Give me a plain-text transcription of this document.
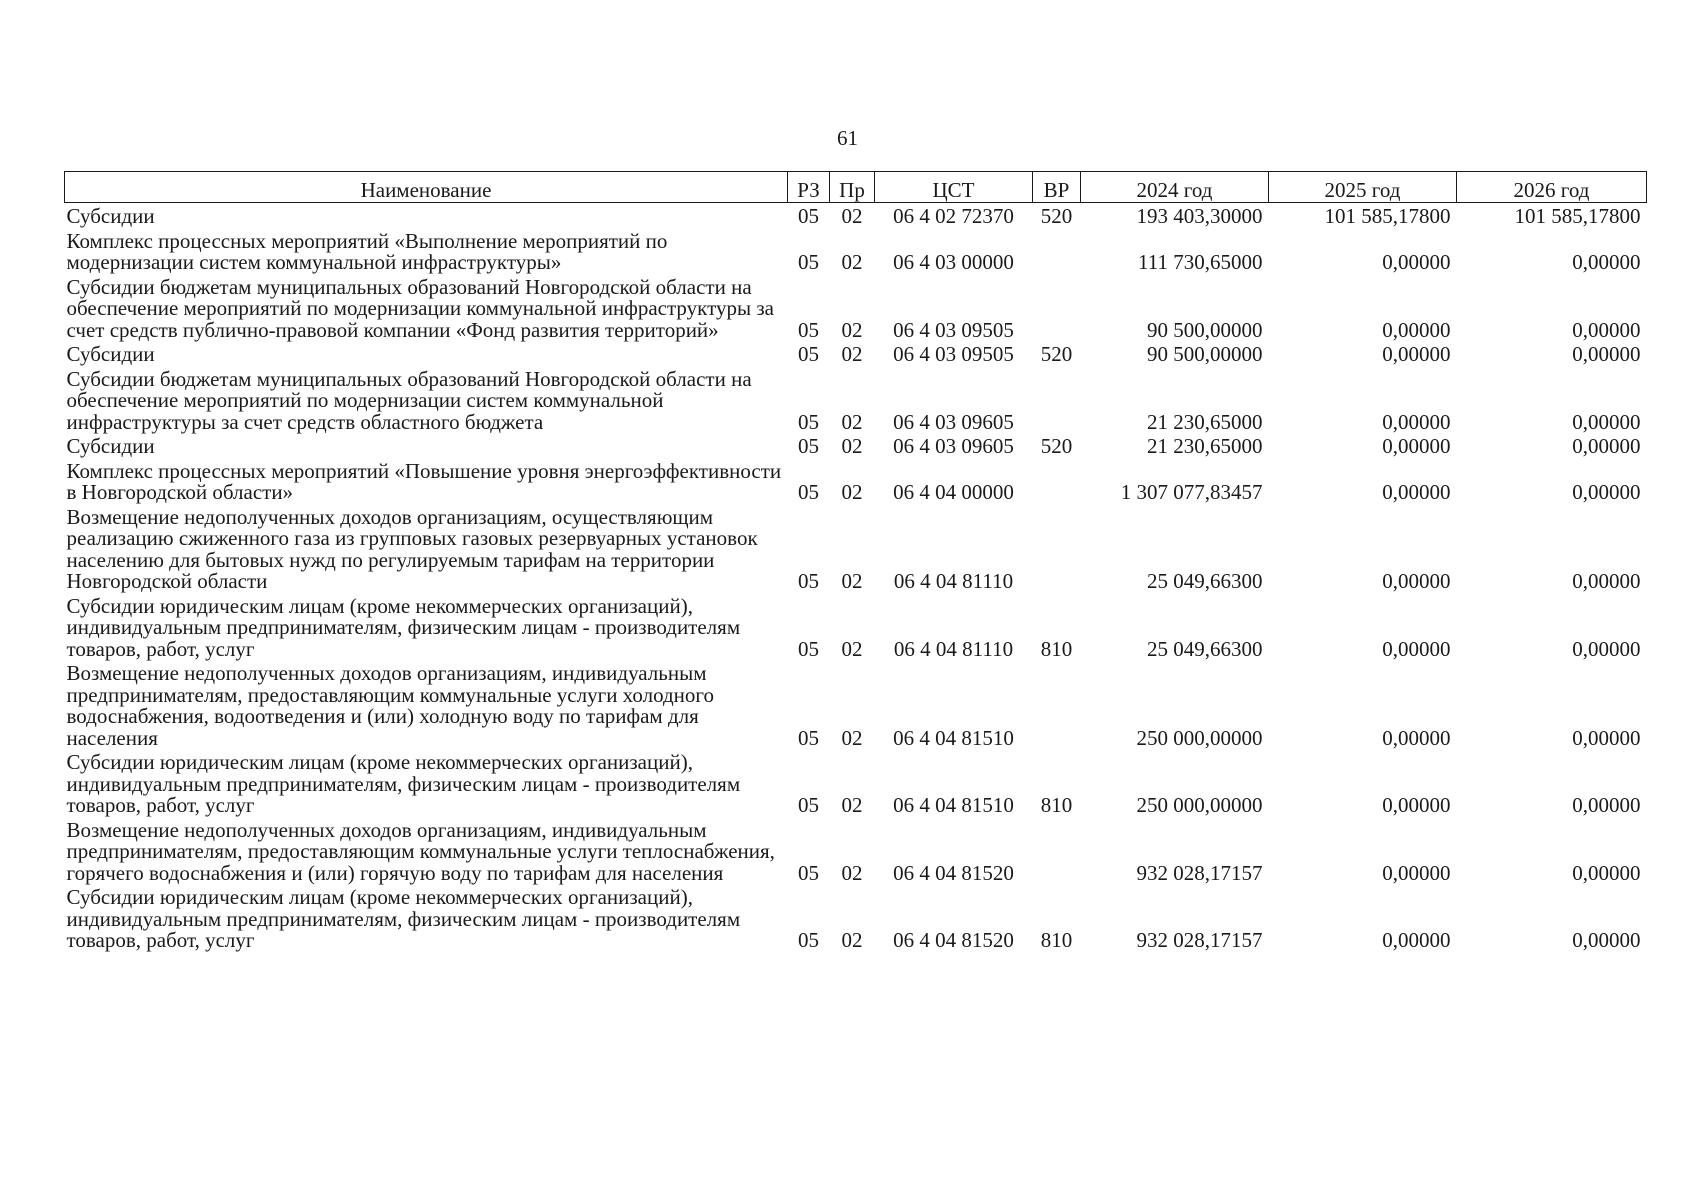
61
Наименование	РЗ	Пр	ЦСТ	ВР	2024 год	2025 год	2026 год
Субсидии	05	02	06 4 02 72370	520	193 403,30000	101 585,17800	101 585,17800
Комплекс процессных мероприятий «Выполнение мероприятий по модернизации систем коммунальной инфраструктуры»	05	02	06 4 03 00000		111 730,65000	0,00000	0,00000
Субсидии бюджетам муниципальных образований Новгородской области на обеспечение мероприятий по модернизации коммунальной инфраструктуры за счет средств публично-правовой компании «Фонд развития территорий»	05	02	06 4 03 09505		90 500,00000	0,00000	0,00000
Субсидии	05	02	06 4 03 09505	520	90 500,00000	0,00000	0,00000
Субсидии бюджетам муниципальных образований Новгородской области на обеспечение мероприятий по модернизации систем коммунальной инфраструктуры за счет средств областного бюджета	05	02	06 4 03 09605		21 230,65000	0,00000	0,00000
Субсидии	05	02	06 4 03 09605	520	21 230,65000	0,00000	0,00000
Комплекс процессных мероприятий «Повышение уровня энергоэффективности в Новгородской области»	05	02	06 4 04 00000		1 307 077,83457	0,00000	0,00000
Возмещение недополученных доходов организациям, осуществляющим реализацию сжиженного газа из групповых газовых резервуарных установок населению для бытовых нужд по регулируемым тарифам на территории Новгородской области	05	02	06 4 04 81110		25 049,66300	0,00000	0,00000
Субсидии юридическим лицам (кроме некоммерческих организаций), индивидуальным предпринимателям, физическим лицам - производителям товаров, работ, услуг	05	02	06 4 04 81110	810	25 049,66300	0,00000	0,00000
Возмещение недополученных доходов организациям, индивидуальным предпринимателям, предоставляющим коммунальные услуги холодного водоснабжения, водоотведения и (или) холодную воду по тарифам для населения	05	02	06 4 04 81510		250 000,00000	0,00000	0,00000
Субсидии юридическим лицам (кроме некоммерческих организаций), индивидуальным предпринимателям, физическим лицам - производителям товаров, работ, услуг	05	02	06 4 04 81510	810	250 000,00000	0,00000	0,00000
Возмещение недополученных доходов организациям, индивидуальным предпринимателям, предоставляющим коммунальные услуги теплоснабжения, горячего водоснабжения и (или) горячую воду по тарифам для населения	05	02	06 4 04 81520		932 028,17157	0,00000	0,00000
Субсидии юридическим лицам (кроме некоммерческих организаций), индивидуальным предпринимателям, физическим лицам - производителям товаров, работ, услуг	05	02	06 4 04 81520	810	932 028,17157	0,00000	0,00000
